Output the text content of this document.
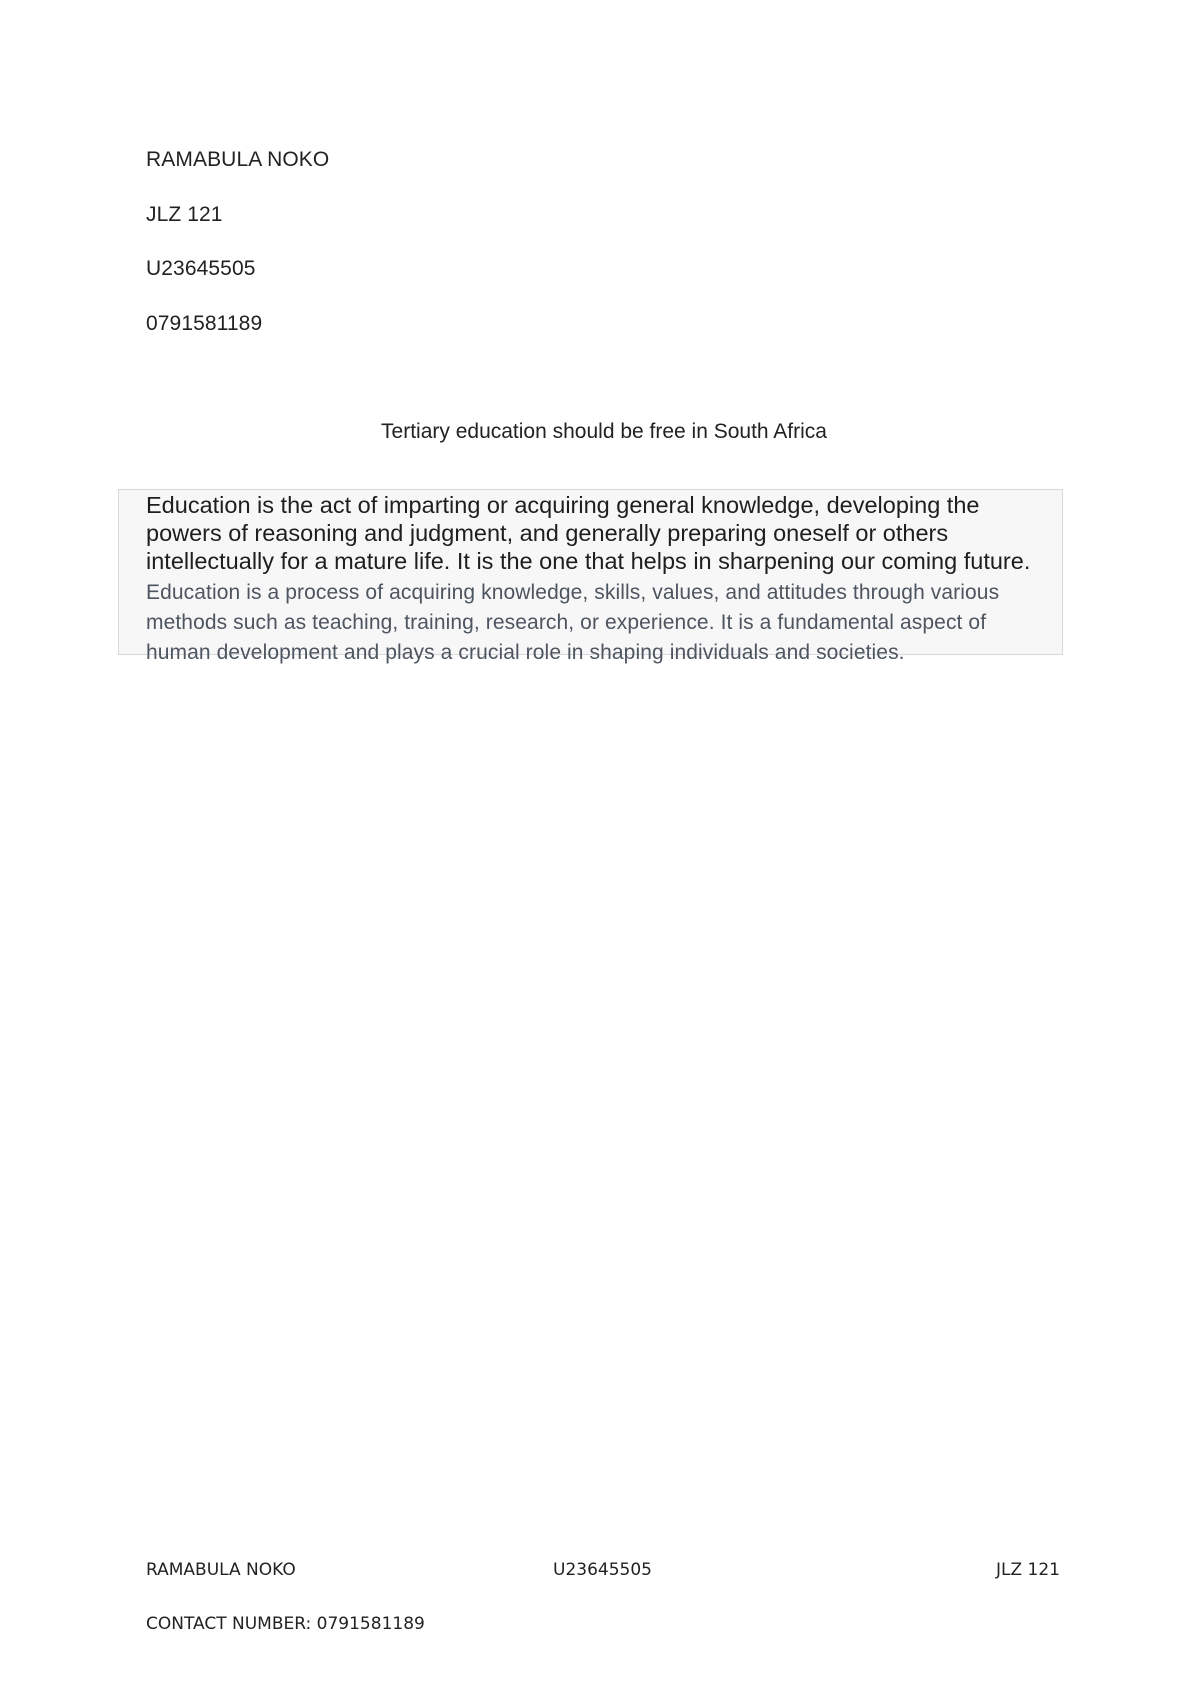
RAMABULA NOKO
JLZ 121
U23645505
0791581189
Tertiary education should be free in South Africa
Education is the act of imparting or acquiring general knowledge, developing the powers of reasoning and judgment, and generally preparing oneself or others intellectually for a mature life. It is the one that helps in sharpening our coming future. Education is a process of acquiring knowledge, skills, values, and attitudes through various methods such as teaching, training, research, or experience. It is a fundamental aspect of human development and plays a crucial role in shaping individuals and societies.
RAMABULA NOKO	U23645505	JLZ 121
CONTACT NUMBER: 0791581189
